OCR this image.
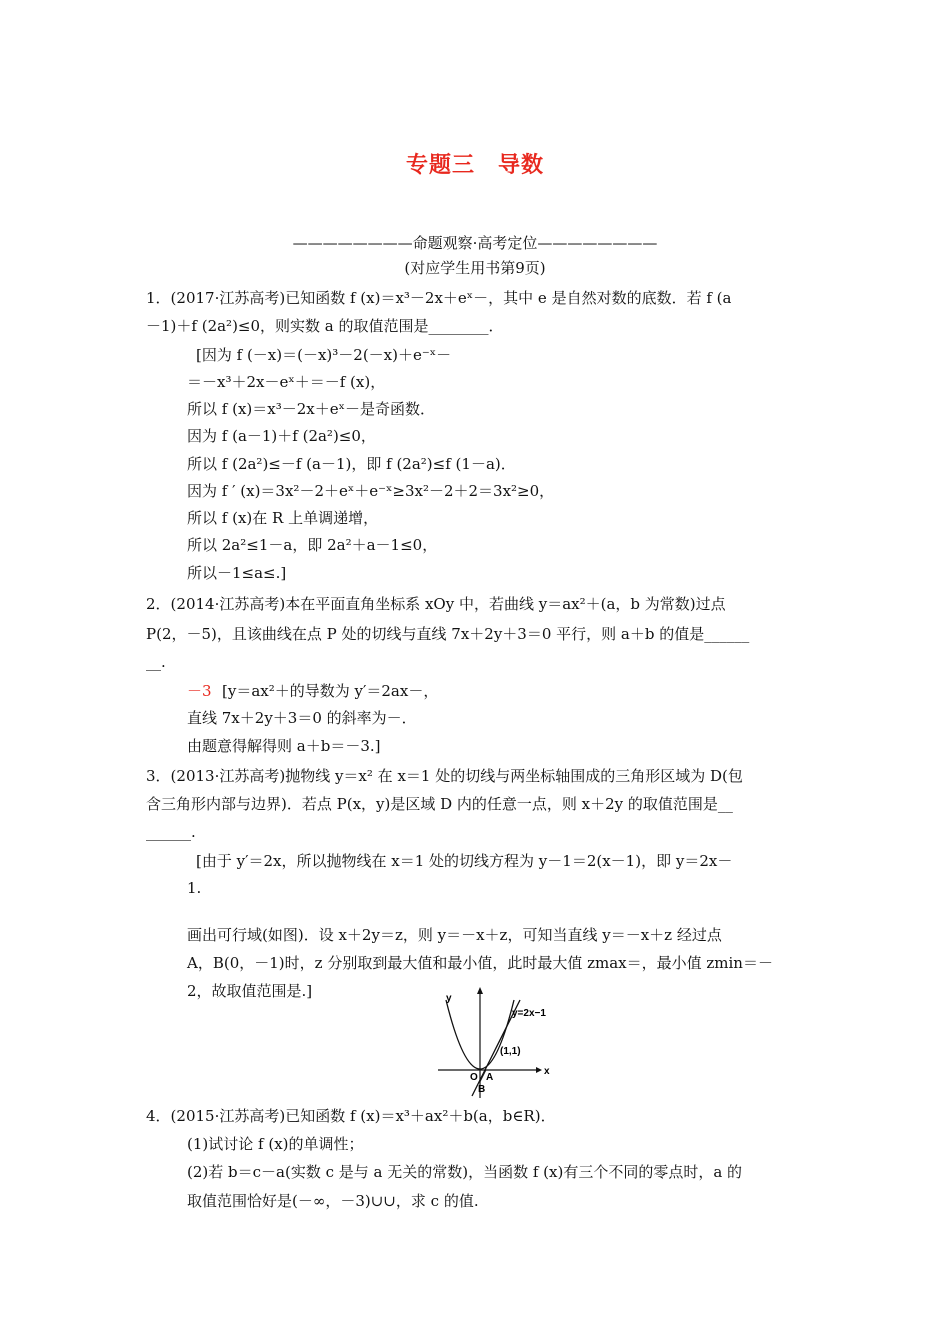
专题三　导数
————————命题观察·高考定位————————
(对应学生用书第9页)
1．(2017·江苏高考)已知函数 f (x)＝x³－2x＋eˣ－，其中 e 是自然对数的底数．若 f (a
－1)＋f (2a²)≤0，则实数 a 的取值范围是________．
[因为 f (－x)＝(－x)³－2(－x)＋e⁻ˣ－
＝－x³＋2x－eˣ＋＝－f (x)，
所以 f (x)＝x³－2x＋eˣ－是奇函数．
因为 f (a－1)＋f (2a²)≤0，
所以 f (2a²)≤－f (a－1)，即 f (2a²)≤f (1－a)．
因为 f ′ (x)＝3x²－2＋eˣ＋e⁻ˣ≥3x²－2＋2＝3x²≥0，
所以 f (x)在 R 上单调递增，
所以 2a²≤1－a，即 2a²＋a－1≤0，
所以－1≤a≤.]
2．(2014·江苏高考)本在平面直角坐标系 xOy 中，若曲线 y＝ax²＋(a，b 为常数)过点
P(2，－5)，且该曲线在点 P 处的切线与直线 7x＋2y＋3＝0 平行，则 a＋b 的值是______
__.
－3 [y＝ax²＋的导数为 y′＝2ax－，
直线 7x＋2y＋3＝0 的斜率为－．
由题意得解得则 a＋b＝－3.]
3．(2013·江苏高考)抛物线 y＝x² 在 x＝1 处的切线与两坐标轴围成的三角形区域为 D(包
含三角形内部与边界)．若点 P(x，y)是区域 D 内的任意一点，则 x＋2y 的取值范围是__
______.
[由于 y′＝2x，所以抛物线在 x＝1 处的切线方程为 y－1＝2(x－1)，即 y＝2x－
1.
画出可行域(如图)．设 x＋2y＝z，则 y＝－x＋z，可知当直线 y＝－x＋z 经过点
A，B(0，－1)时，z 分别取到最大值和最小值，此时最大值 zmax＝，最小值 zmin＝－
2，故取值范围是.]
y=2x−1
(1,1)
y
x
O A
B
4．(2015·江苏高考)已知函数 f (x)＝x³＋ax²＋b(a，b∈R)．
(1)试讨论 f (x)的单调性；
(2)若 b＝c－a(实数 c 是与 a 无关的常数)，当函数 f (x)有三个不同的零点时，a 的
取值范围恰好是(－∞，－3)∪∪，求 c 的值.
